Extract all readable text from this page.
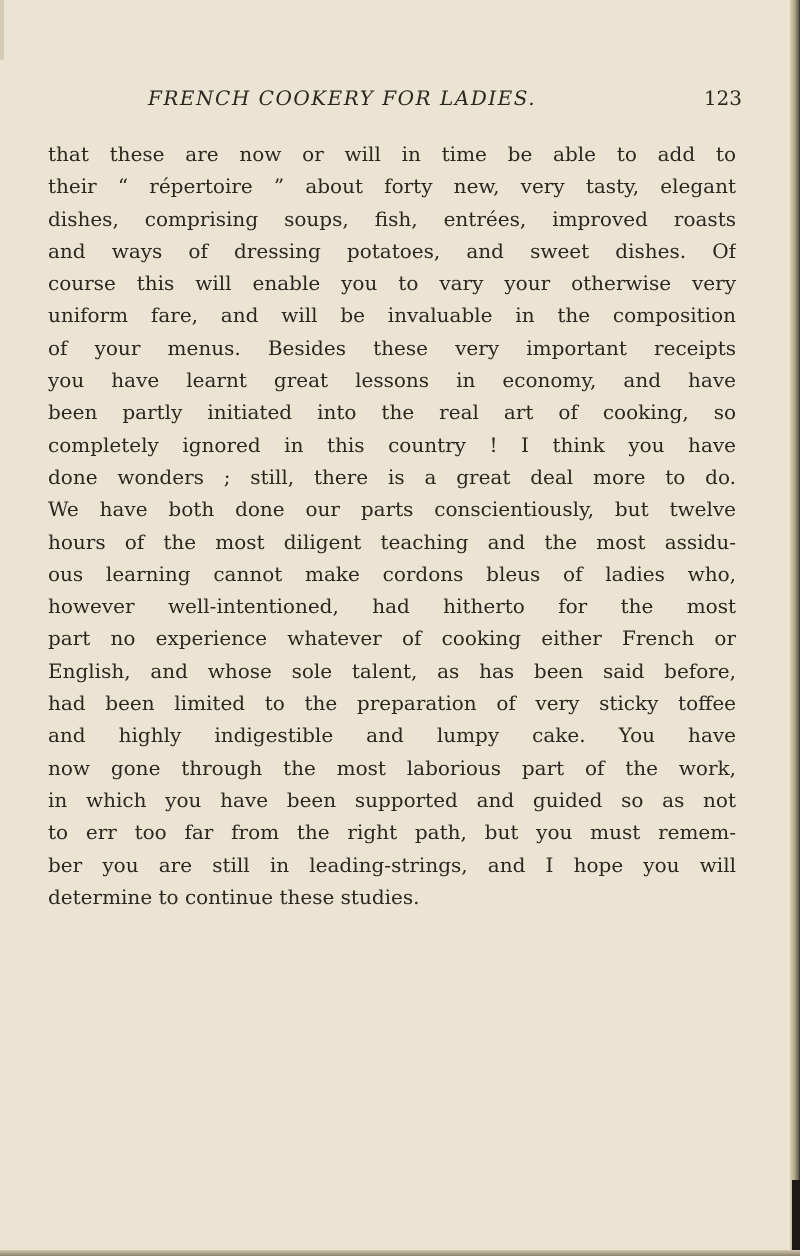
FRENCH COOKERY FOR LADIES.	123
that these are now or will in time be able to add to
their “ répertoire ” about forty new, very tasty, elegant
dishes, comprising soups, fish, entrées, improved roasts
and ways of dressing potatoes, and sweet dishes. Of
course this will enable you to vary your otherwise very
uniform fare, and will be invaluable in the composition
of your menus. Besides these very important receipts
you have learnt great lessons in economy, and have
been partly initiated into the real art of cooking, so
completely ignored in this country ! I think you have
done wonders ; still, there is a great deal more to do.
We have both done our parts conscientiously, but twelve
hours of the most diligent teaching and the most assidu-
ous learning cannot make cordons bleus of ladies who,
however well-intentioned, had hitherto for the most
part no experience whatever of cooking either French or
English, and whose sole talent, as has been said before,
had been limited to the preparation of very sticky toffee
and highly indigestible and lumpy cake. You have
now gone through the most laborious part of the work,
in which you have been supported and guided so as not
to err too far from the right path, but you must remem-
ber you are still in leading-strings, and I hope you will
determine to continue these studies.
